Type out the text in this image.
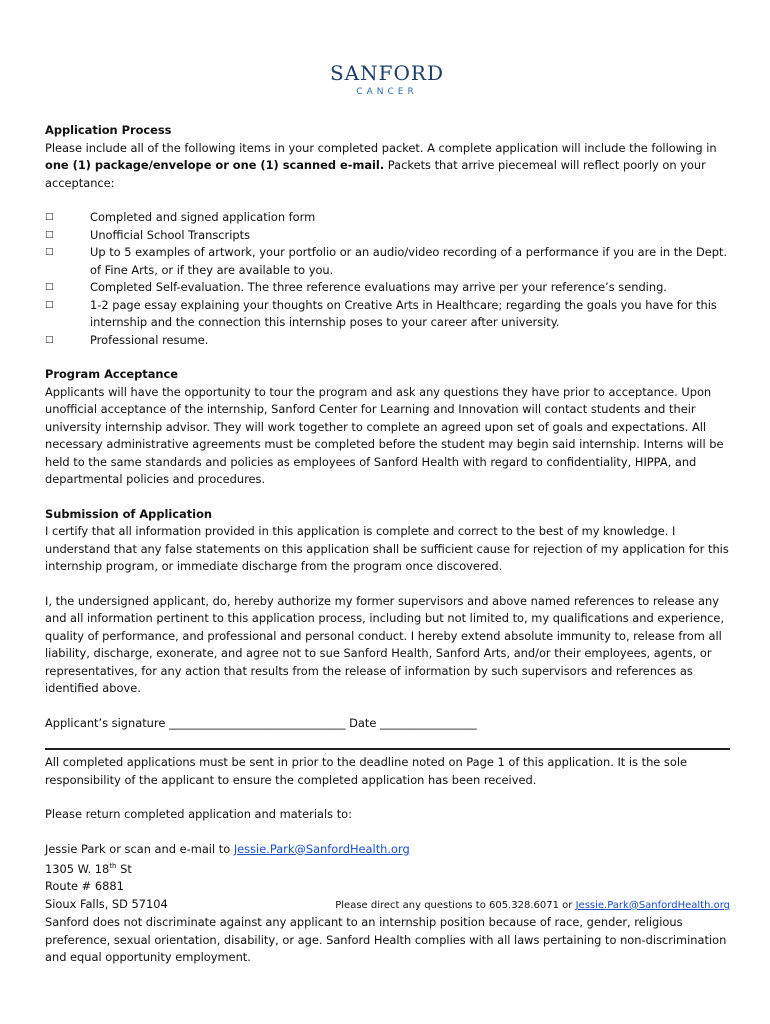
SANFORD
CANCER
Application Process

Please include all of the following items in your completed packet. A complete application will include the following in one (1) package/envelope or one (1) scanned e-mail. Packets that arrive piecemeal will reflect poorly on your acceptance:

□	Completed and signed application form
□	Unofficial School Transcripts
□	Up to 5 examples of artwork, your portfolio or an audio/video recording of a performance if you are in the Dept. of Fine Arts, or if they are available to you.
□	Completed Self-evaluation. The three reference evaluations may arrive per your reference’s sending.
□	1-2 page essay explaining your thoughts on Creative Arts in Healthcare; regarding the goals you have for this internship and the connection this internship poses to your career after university.
□	Professional resume.
Program Acceptance

Applicants will have the opportunity to tour the program and ask any questions they have prior to acceptance. Upon unofficial acceptance of the internship, Sanford Center for Learning and Innovation will contact students and their university internship advisor. They will work together to complete an agreed upon set of goals and expectations. All necessary administrative agreements must be completed before the student may begin said internship. Interns will be held to the same standards and policies as employees of Sanford Health with regard to confidentiality, HIPPA, and departmental policies and procedures.

Submission of Application

I certify that all information provided in this application is complete and correct to the best of my knowledge. I understand that any false statements on this application shall be sufficient cause for rejection of my application for this internship program, or immediate discharge from the program once discovered.

I, the undersigned applicant, do, hereby authorize my former supervisors and above named references to release any and all information pertinent to this application process, including but not limited to, my qualifications and experience, quality of performance, and professional and personal conduct. I hereby extend absolute immunity to, release from all liability, discharge, exonerate, and agree not to sue Sanford Health, Sanford Arts, and/or their employees, agents, or representatives, for any action that results from the release of information by such supervisors and references as identified above.

Applicant’s signature _______________________________ Date _________________

All completed applications must be sent in prior to the deadline noted on Page 1 of this application. It is the sole responsibility of the applicant to ensure the completed application has been received.

Please return completed application and materials to:

Jessie Park or scan and e-mail to Jessie.Park@SanfordHealth.org

1305 W. 18th St

Route # 6881

Sioux Falls, SD 57104	Please direct any questions to 605.328.6071 or Jessie.Park@SanfordHealth.org

Sanford does not discriminate against any applicant to an internship position because of race, gender, religious preference, sexual orientation, disability, or age. Sanford Health complies with all laws pertaining to non-discrimination and equal opportunity employment.
